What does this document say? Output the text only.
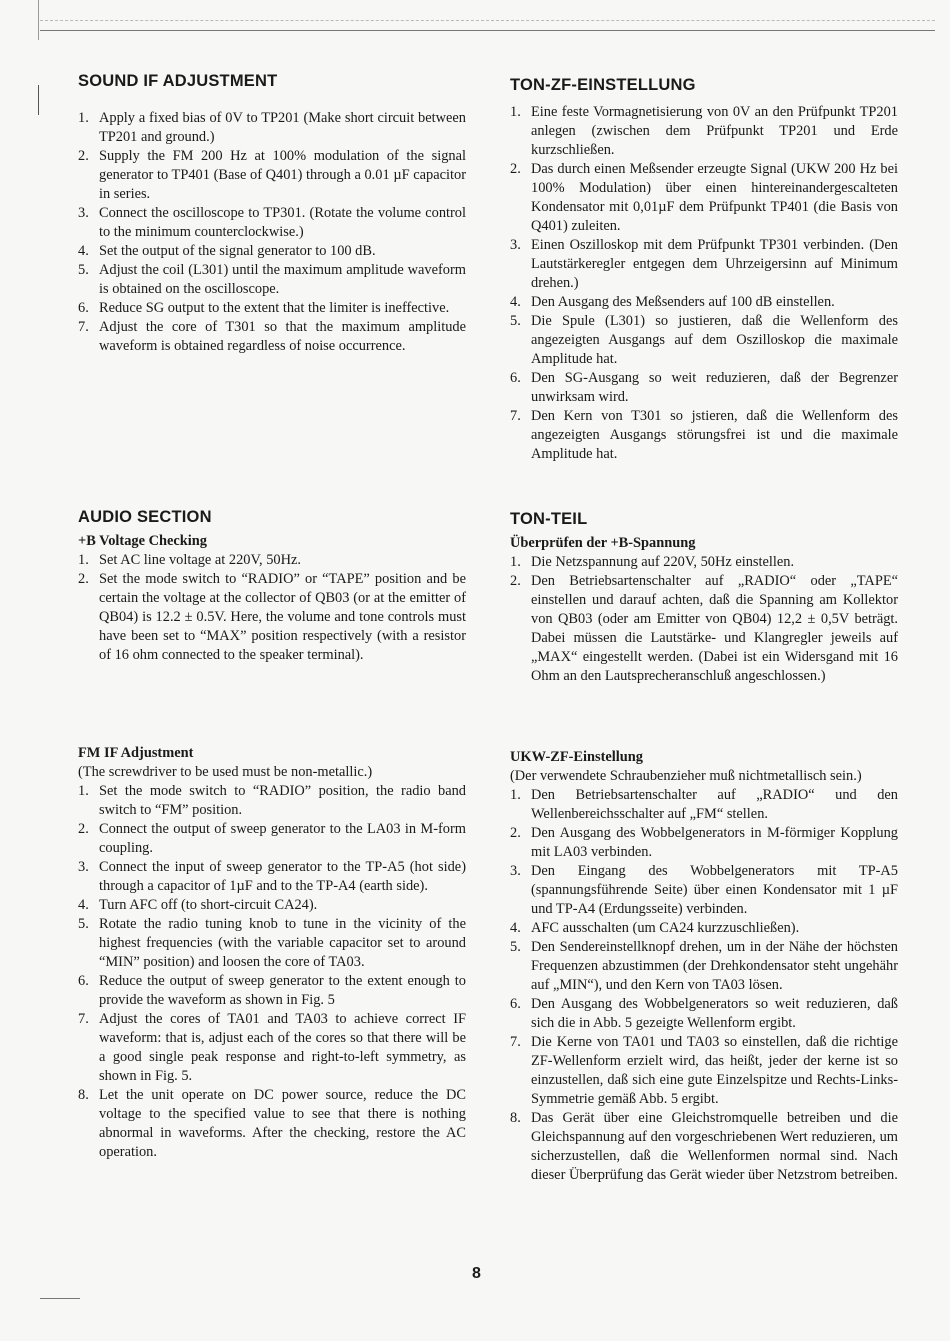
SOUND IF ADJUSTMENT
1. Apply a fixed bias of 0V to TP201 (Make short circuit between TP201 and ground.)
2. Supply the FM 200 Hz at 100% modulation of the signal generator to TP401 (Base of Q401) through a 0.01 µF capacitor in series.
3. Connect the oscilloscope to TP301. (Rotate the volume control to the minimum counterclockwise.)
4. Set the output of the signal generator to 100 dB.
5. Adjust the coil (L301) until the maximum amplitude waveform is obtained on the oscilloscope.
6. Reduce SG output to the extent that the limiter is ineffective.
7. Adjust the core of T301 so that the maximum amplitude waveform is obtained regardless of noise occurrence.
AUDIO SECTION
+B Voltage Checking
1. Set AC line voltage at 220V, 50Hz.
2. Set the mode switch to “RADIO” or “TAPE” position and be certain the voltage at the collector of QB03 (or at the emitter of QB04) is 12.2 ± 0.5V. Here, the volume and tone controls must have been set to “MAX” position respectively (with a resistor of 16 ohm connected to the speaker terminal).
FM IF Adjustment

(The screwdriver to be used must be non-metallic.)

1. Set the mode switch to “RADIO” position, the radio band switch to “FM” position.
2. Connect the output of sweep generator to the LA03 in M-form coupling.
3. Connect the input of sweep generator to the TP-A5 (hot side) through a capacitor of 1µF and to the TP-A4 (earth side).
4. Turn AFC off (to short-circuit CA24).
5. Rotate the radio tuning knob to tune in the vicinity of the highest frequencies (with the variable capacitor set to around “MIN” position) and loosen the core of TA03.
6. Reduce the output of sweep generator to the extent enough to provide the waveform as shown in Fig. 5
7. Adjust the cores of TA01 and TA03 to achieve correct IF waveform: that is, adjust each of the cores so that there will be a good single peak response and right-to-left symmetry, as shown in Fig. 5.
8. Let the unit operate on DC power source, reduce the DC voltage to the specified value to see that there is nothing abnormal in waveforms. After the checking, restore the AC operation.
TON-ZF-EINSTELLUNG
1. Eine feste Vormagnetisierung von 0V an den Prüfpunkt TP201 anlegen (zwischen dem Prüfpunkt TP201 und Erde kurzschließen.
2. Das durch einen Meßsender erzeugte Signal (UKW 200 Hz bei 100% Modulation) über einen hintereinandergescalteten Kondensator mit 0,01µF dem Prüfpunkt TP401 (die Basis von Q401) zuleiten.
3. Einen Oszilloskop mit dem Prüfpunkt TP301 verbinden. (Den Lautstärkeregler entgegen dem Uhrzeigersinn auf Minimum drehen.)
4. Den Ausgang des Meßsenders auf 100 dB einstellen.
5. Die Spule (L301) so justieren, daß die Wellenform des angezeigten Ausgangs auf dem Oszilloskop die maximale Amplitude hat.
6. Den SG-Ausgang so weit reduzieren, daß der Begrenzer unwirksam wird.
7. Den Kern von T301 so jstieren, daß die Wellenform des angezeigten Ausgangs störungsfrei ist und die maximale Amplitude hat.
TON-TEIL
Überprüfen der +B-Spannung
1. Die Netzspannung auf 220V, 50Hz einstellen.
2. Den Betriebsartenschalter auf „RADIO“ oder „TAPE“ einstellen und darauf achten, daß die Spanning am Kollektor von QB03 (oder am Emitter von QB04) 12,2 ± 0,5V beträgt. Dabei müssen die Lautstärke- und Klangregler jeweils auf „MAX“ eingestellt werden. (Dabei ist ein Widersgand mit 16 Ohm an den Lautsprecheranschluß angeschlossen.)
UKW-ZF-Einstellung

(Der verwendete Schraubenzieher muß nichtmetallisch sein.)

1. Den Betriebsartenschalter auf „RADIO“ und den Wellenbereichsschalter auf „FM“ stellen.
2. Den Ausgang des Wobbelgenerators in M-förmiger Kopplung mit LA03 verbinden.
3. Den Eingang des Wobbelgenerators mit TP-A5 (spannungsführende Seite) über einen Kondensator mit 1 µF und TP-A4 (Erdungsseite) verbinden.
4. AFC ausschalten (um CA24 kurzzuschließen).
5. Den Sendereinstellknopf drehen, um in der Nähe der höchsten Frequenzen abzustimmen (der Drehkondensator steht ungehähr auf „MIN“), und den Kern von TA03 lösen.
6. Den Ausgang des Wobbelgenerators so weit reduzieren, daß sich die in Abb. 5 gezeigte Wellenform ergibt.
7. Die Kerne von TA01 und TA03 so einstellen, daß die richtige ZF-Wellenform erzielt wird, das heißt, jeder der kerne ist so einzustellen, daß sich eine gute Einzelspitze und Rechts-Links-Symmetrie gemäß Abb. 5 ergibt.
8. Das Gerät über eine Gleichstromquelle betreiben und die Gleichspannung auf den vorgeschriebenen Wert reduzieren, um sicherzustellen, daß die Wellenformen normal sind. Nach dieser Überprüfung das Gerät wieder über Netzstrom betreiben.
8
